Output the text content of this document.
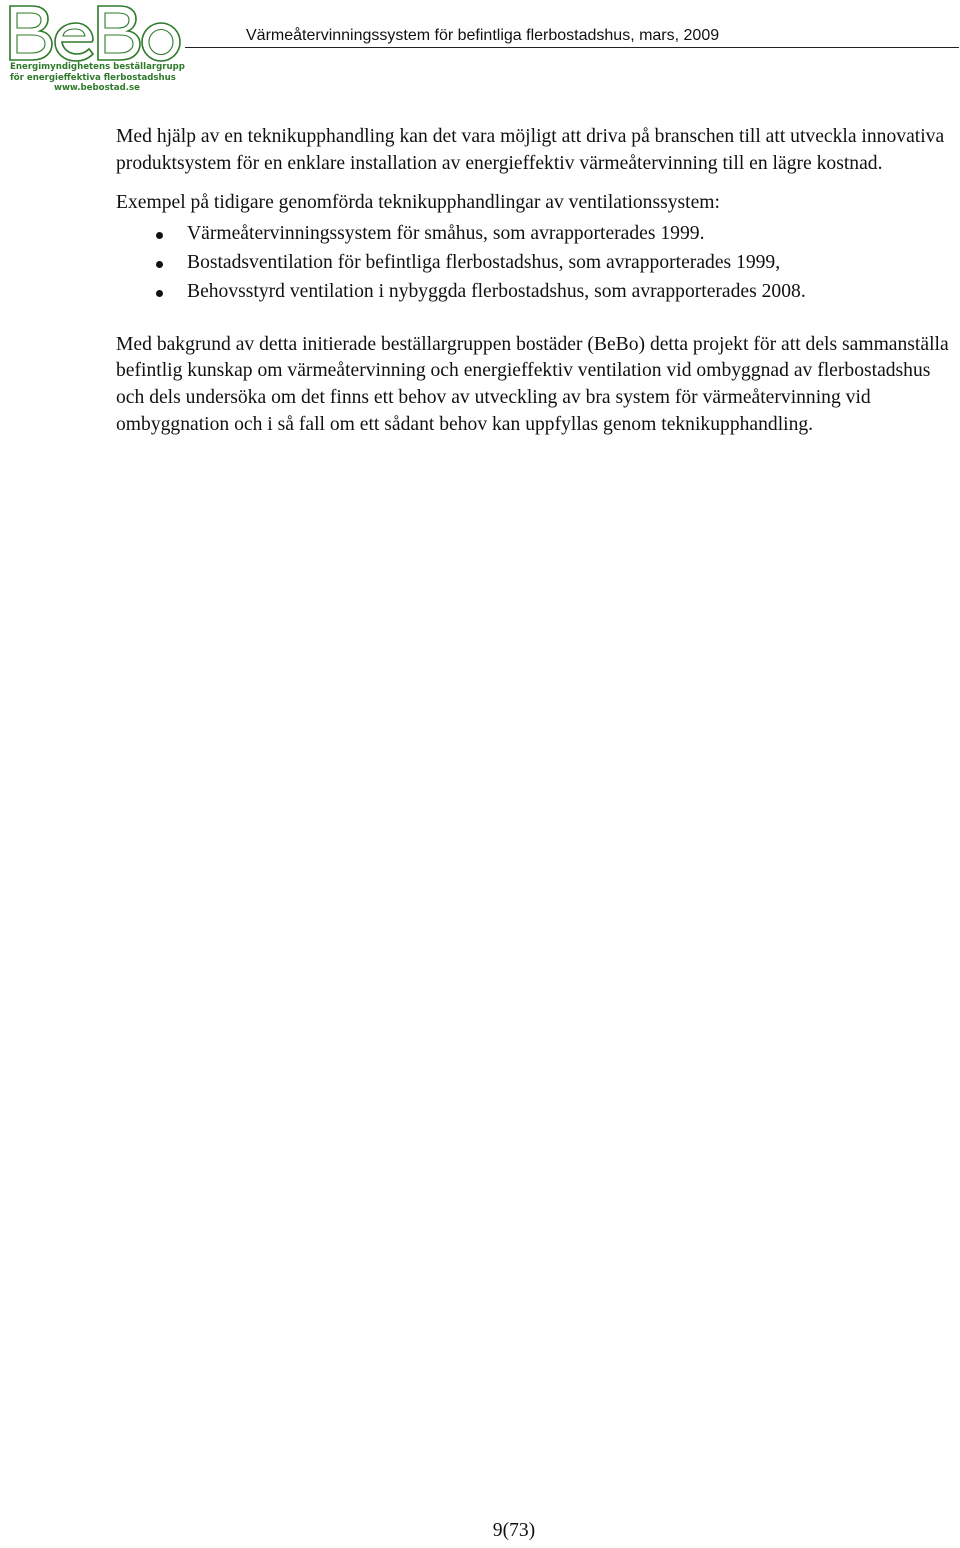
Energimyndighetens beställargrupp
för energieffektiva flerbostadshus
www.bebostad.se
Värmeåtervinningssystem för befintliga flerbostadshus, mars, 2009

Med hjälp av en teknikupphandling kan det vara möjligt att driva på branschen till att utveckla innovativa produktsystem för en enklare installation av energieffektiv värmeåtervinning till en lägre kostnad.

Exempel på tidigare genomförda teknikupphandlingar av ventilationssystem:

Värmeåtervinningssystem för småhus, som avrapporterades 1999.
Bostadsventilation för befintliga flerbostadshus, som avrapporterades 1999,
Behovsstyrd ventilation i nybyggda flerbostadshus, som avrapporterades 2008.

Med bakgrund av detta initierade beställargruppen bostäder (BeBo) detta projekt för att dels sammanställa befintlig kunskap om värmeåtervinning och energieffektiv ventilation vid ombyggnad av flerbostadshus och dels undersöka om det finns ett behov av utveckling av bra system för värmeåtervinning vid ombyggnation och i så fall om ett sådant behov kan uppfyllas genom teknikupphandling.

9(73)
